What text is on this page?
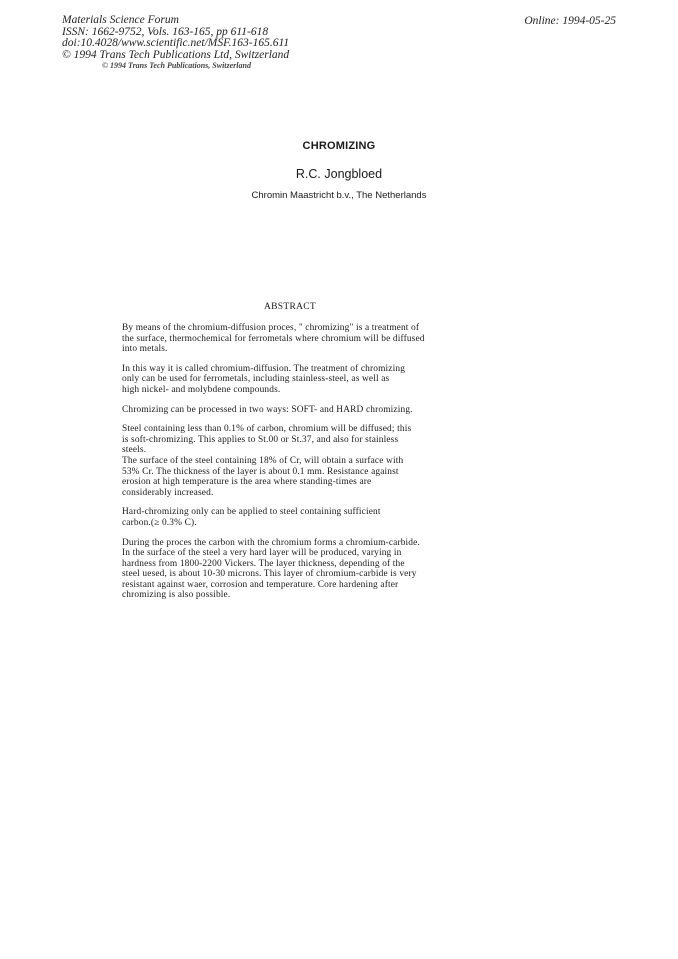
Materials Science Forum
ISSN: 1662-9752, Vols. 163-165, pp 611-618
doi:10.4028/www.scientific.net/MSF.163-165.611
© 1994 Trans Tech Publications Ltd, Switzerland
© 1994 Trans Tech Publications, Switzerland
Online: 1994-05-25
CHROMIZING
R.C. Jongbloed
Chromin Maastricht b.v., The Netherlands
ABSTRACT
By means of the chromium-diffusion proces, " chromizing" is a treatment of
the surface, thermochemical for ferrometals where chromium will be diffused
into metals.
In this way it is called chromium-diffusion. The treatment of chromizing
only can be used for ferrometals, including stainless-steel, as well as
high nickel- and molybdene compounds.
Chromizing can be processed in two ways: SOFT- and HARD chromizing.
Steel containing less than 0.1% of carbon, chromium will be diffused; this
is soft-chromizing. This applies to St.00 or St.37, and also for stainless
steels.
The surface of the steel containing 18% of Cr, will obtain a surface with
53% Cr. The thickness of the layer is about 0.1 mm. Resistance against
erosion at high temperature is the area where standing-times are
considerably increased.
Hard-chromizing only can be applied to steel containing sufficient
carbon.(≥ 0.3% C).
During the proces the carbon with the chromium forms a chromium-carbide.
In the surface of the steel a very hard layer will be produced, varying in
hardness from 1800-2200 Vickers. The layer thickness, depending of the
steel uesed, is about 10-30 microns. This layer of chromium-carbide is very
resistant against waer, corrosion and temperature. Core hardening after
chromizing is also possible.
